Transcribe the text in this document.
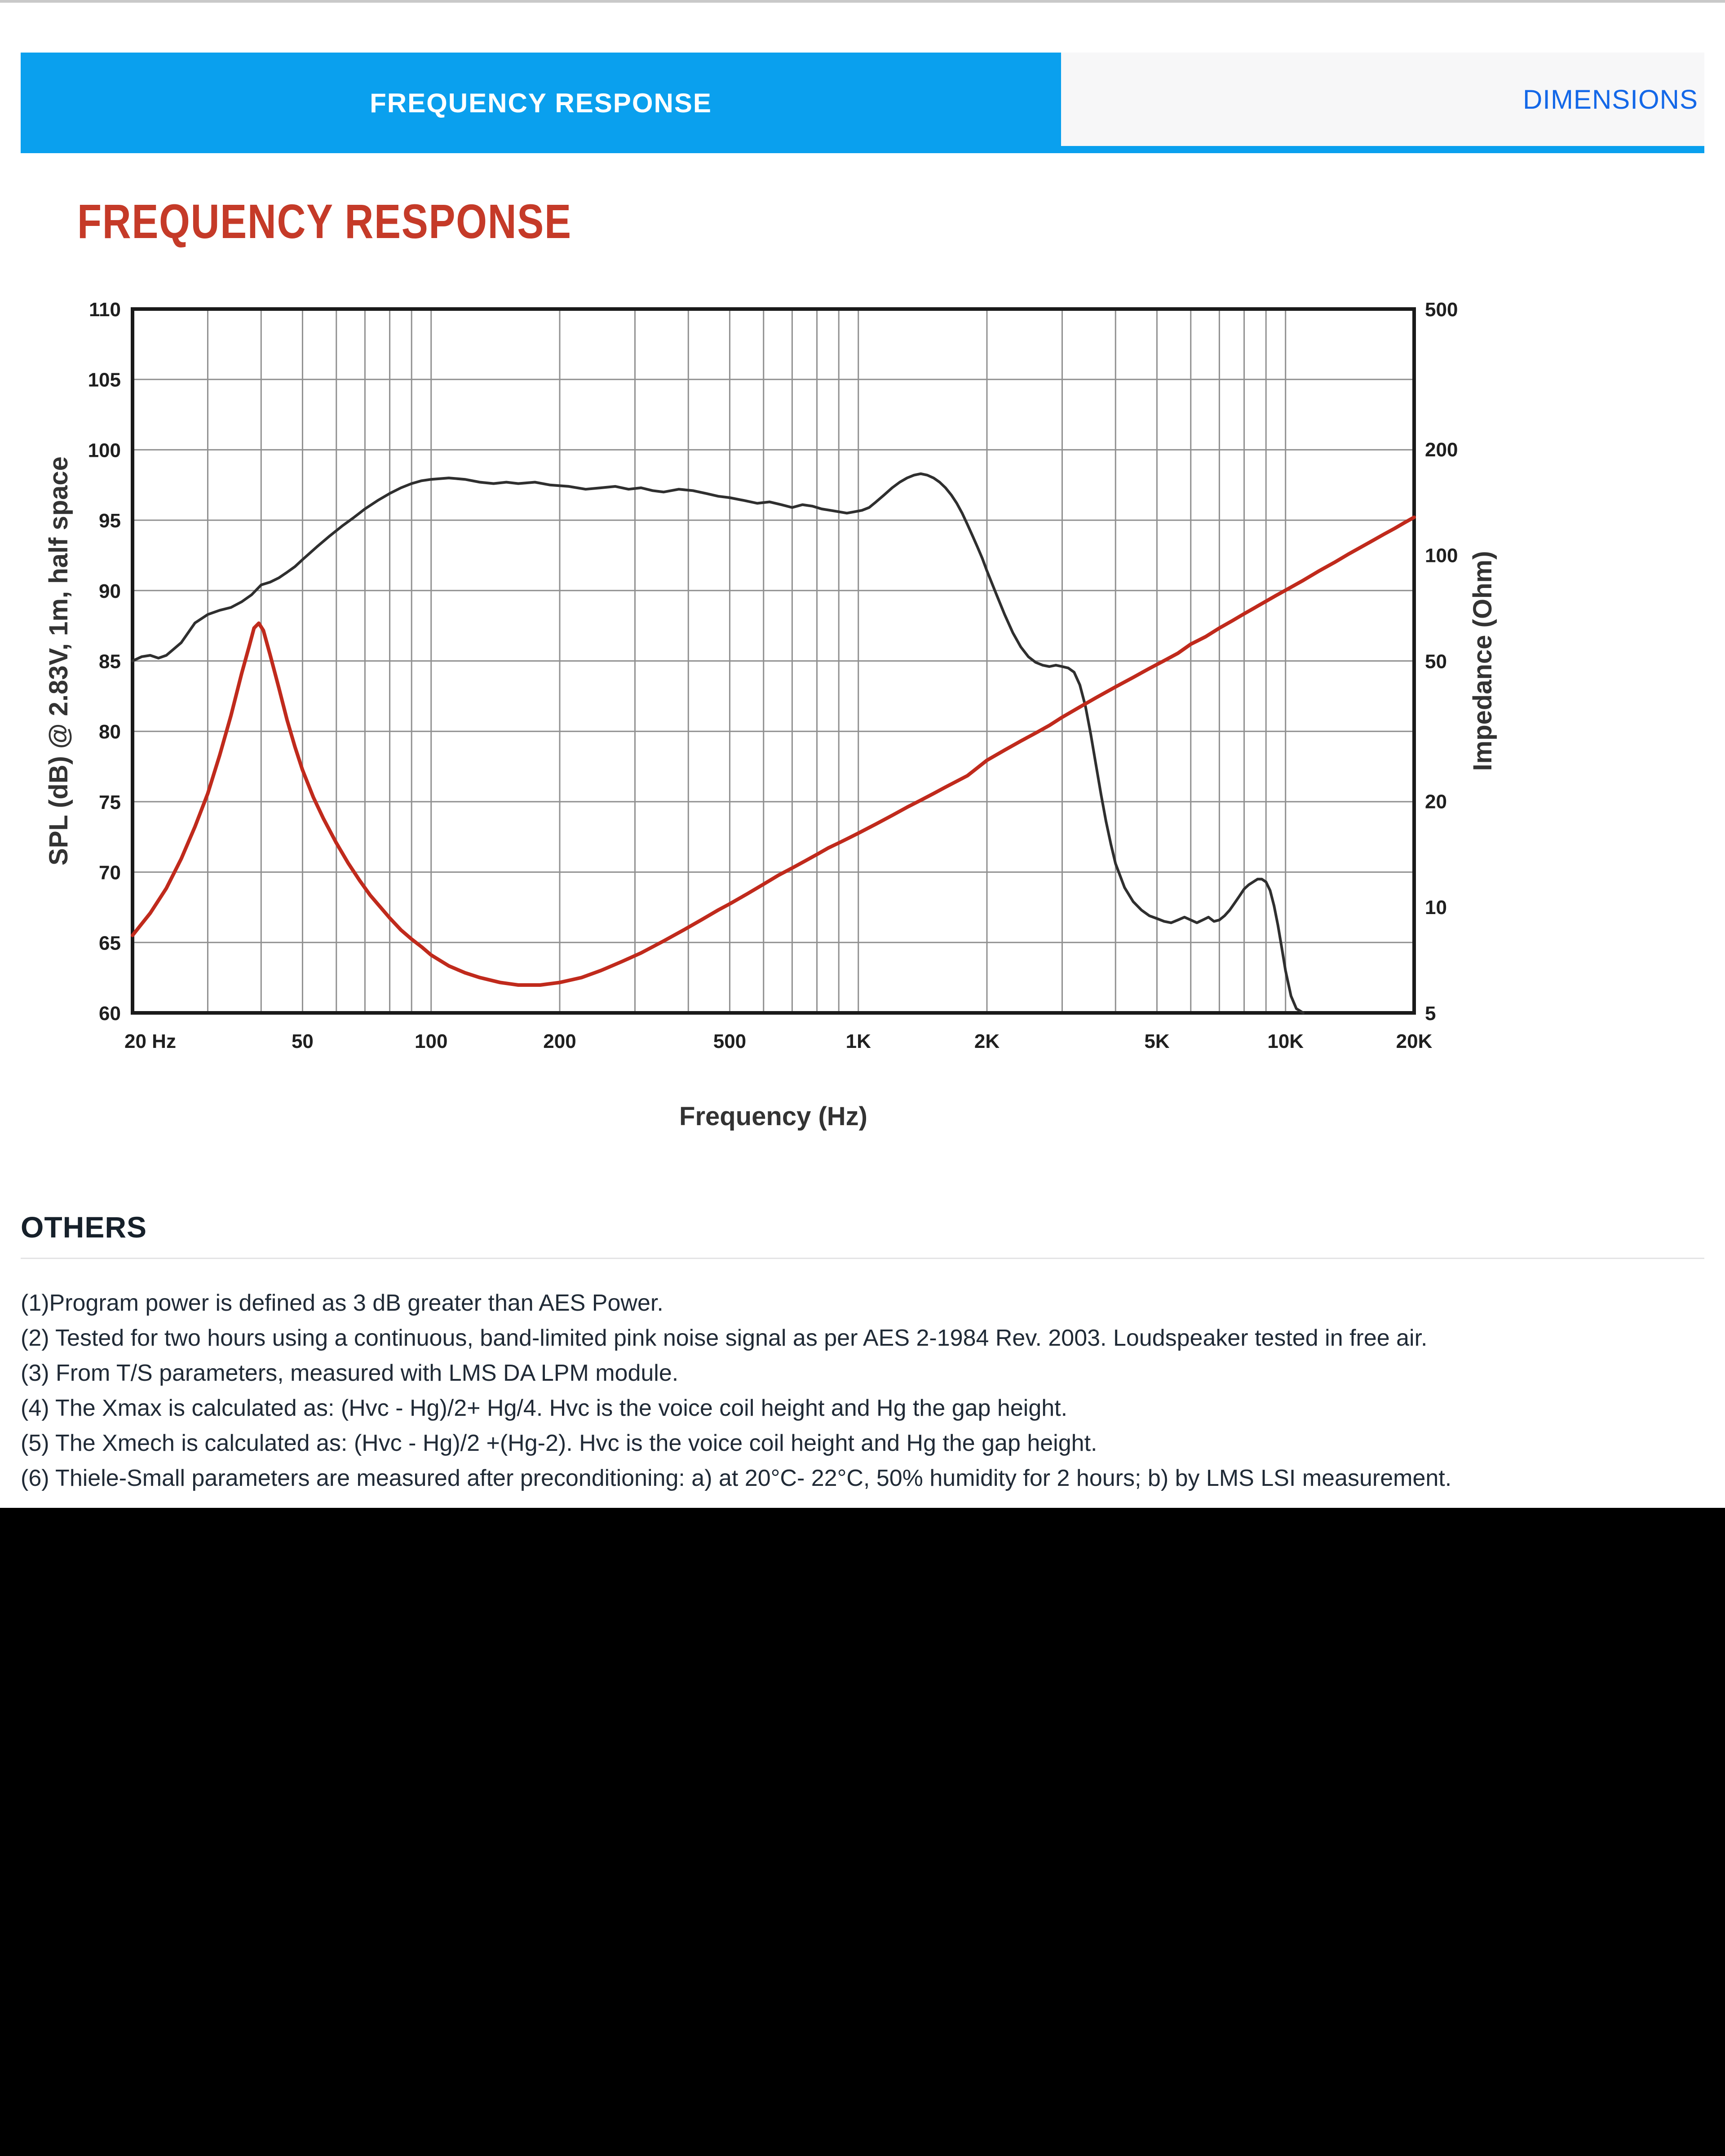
DIMENSIONS
FREQUENCY RESPONSE
FREQUENCY RESPONSE
110
105
100
95
90
85
80
75
70
65
60
500
200
100
50
20
10
5
20 Hz	50	100	200	500	1K	2K	5K	10K	20K
SPL (dB) @ 2.83V, 1m, half space	Impedance (Ohm)
Frequency (Hz)
OTHERS
(1)Program power is defined as 3 dB greater than AES Power.
(2) Tested for two hours using a continuous, band-limited pink noise signal as per AES 2-1984 Rev. 2003. Loudspeaker tested in free air.
(3) From T/S parameters, measured with LMS DA LPM module.
(4) The Xmax is calculated as: (Hvc - Hg)/2+ Hg/4. Hvc is the voice coil height and Hg the gap height.
(5) The Xmech is calculated as: (Hvc - Hg)/2 +(Hg-2). Hvc is the voice coil height and Hg the gap height.
(6) Thiele-Small parameters are measured after preconditioning: a) at 20°C- 22°C, 50% humidity for 2 hours; b) by LMS LSI measurement.
